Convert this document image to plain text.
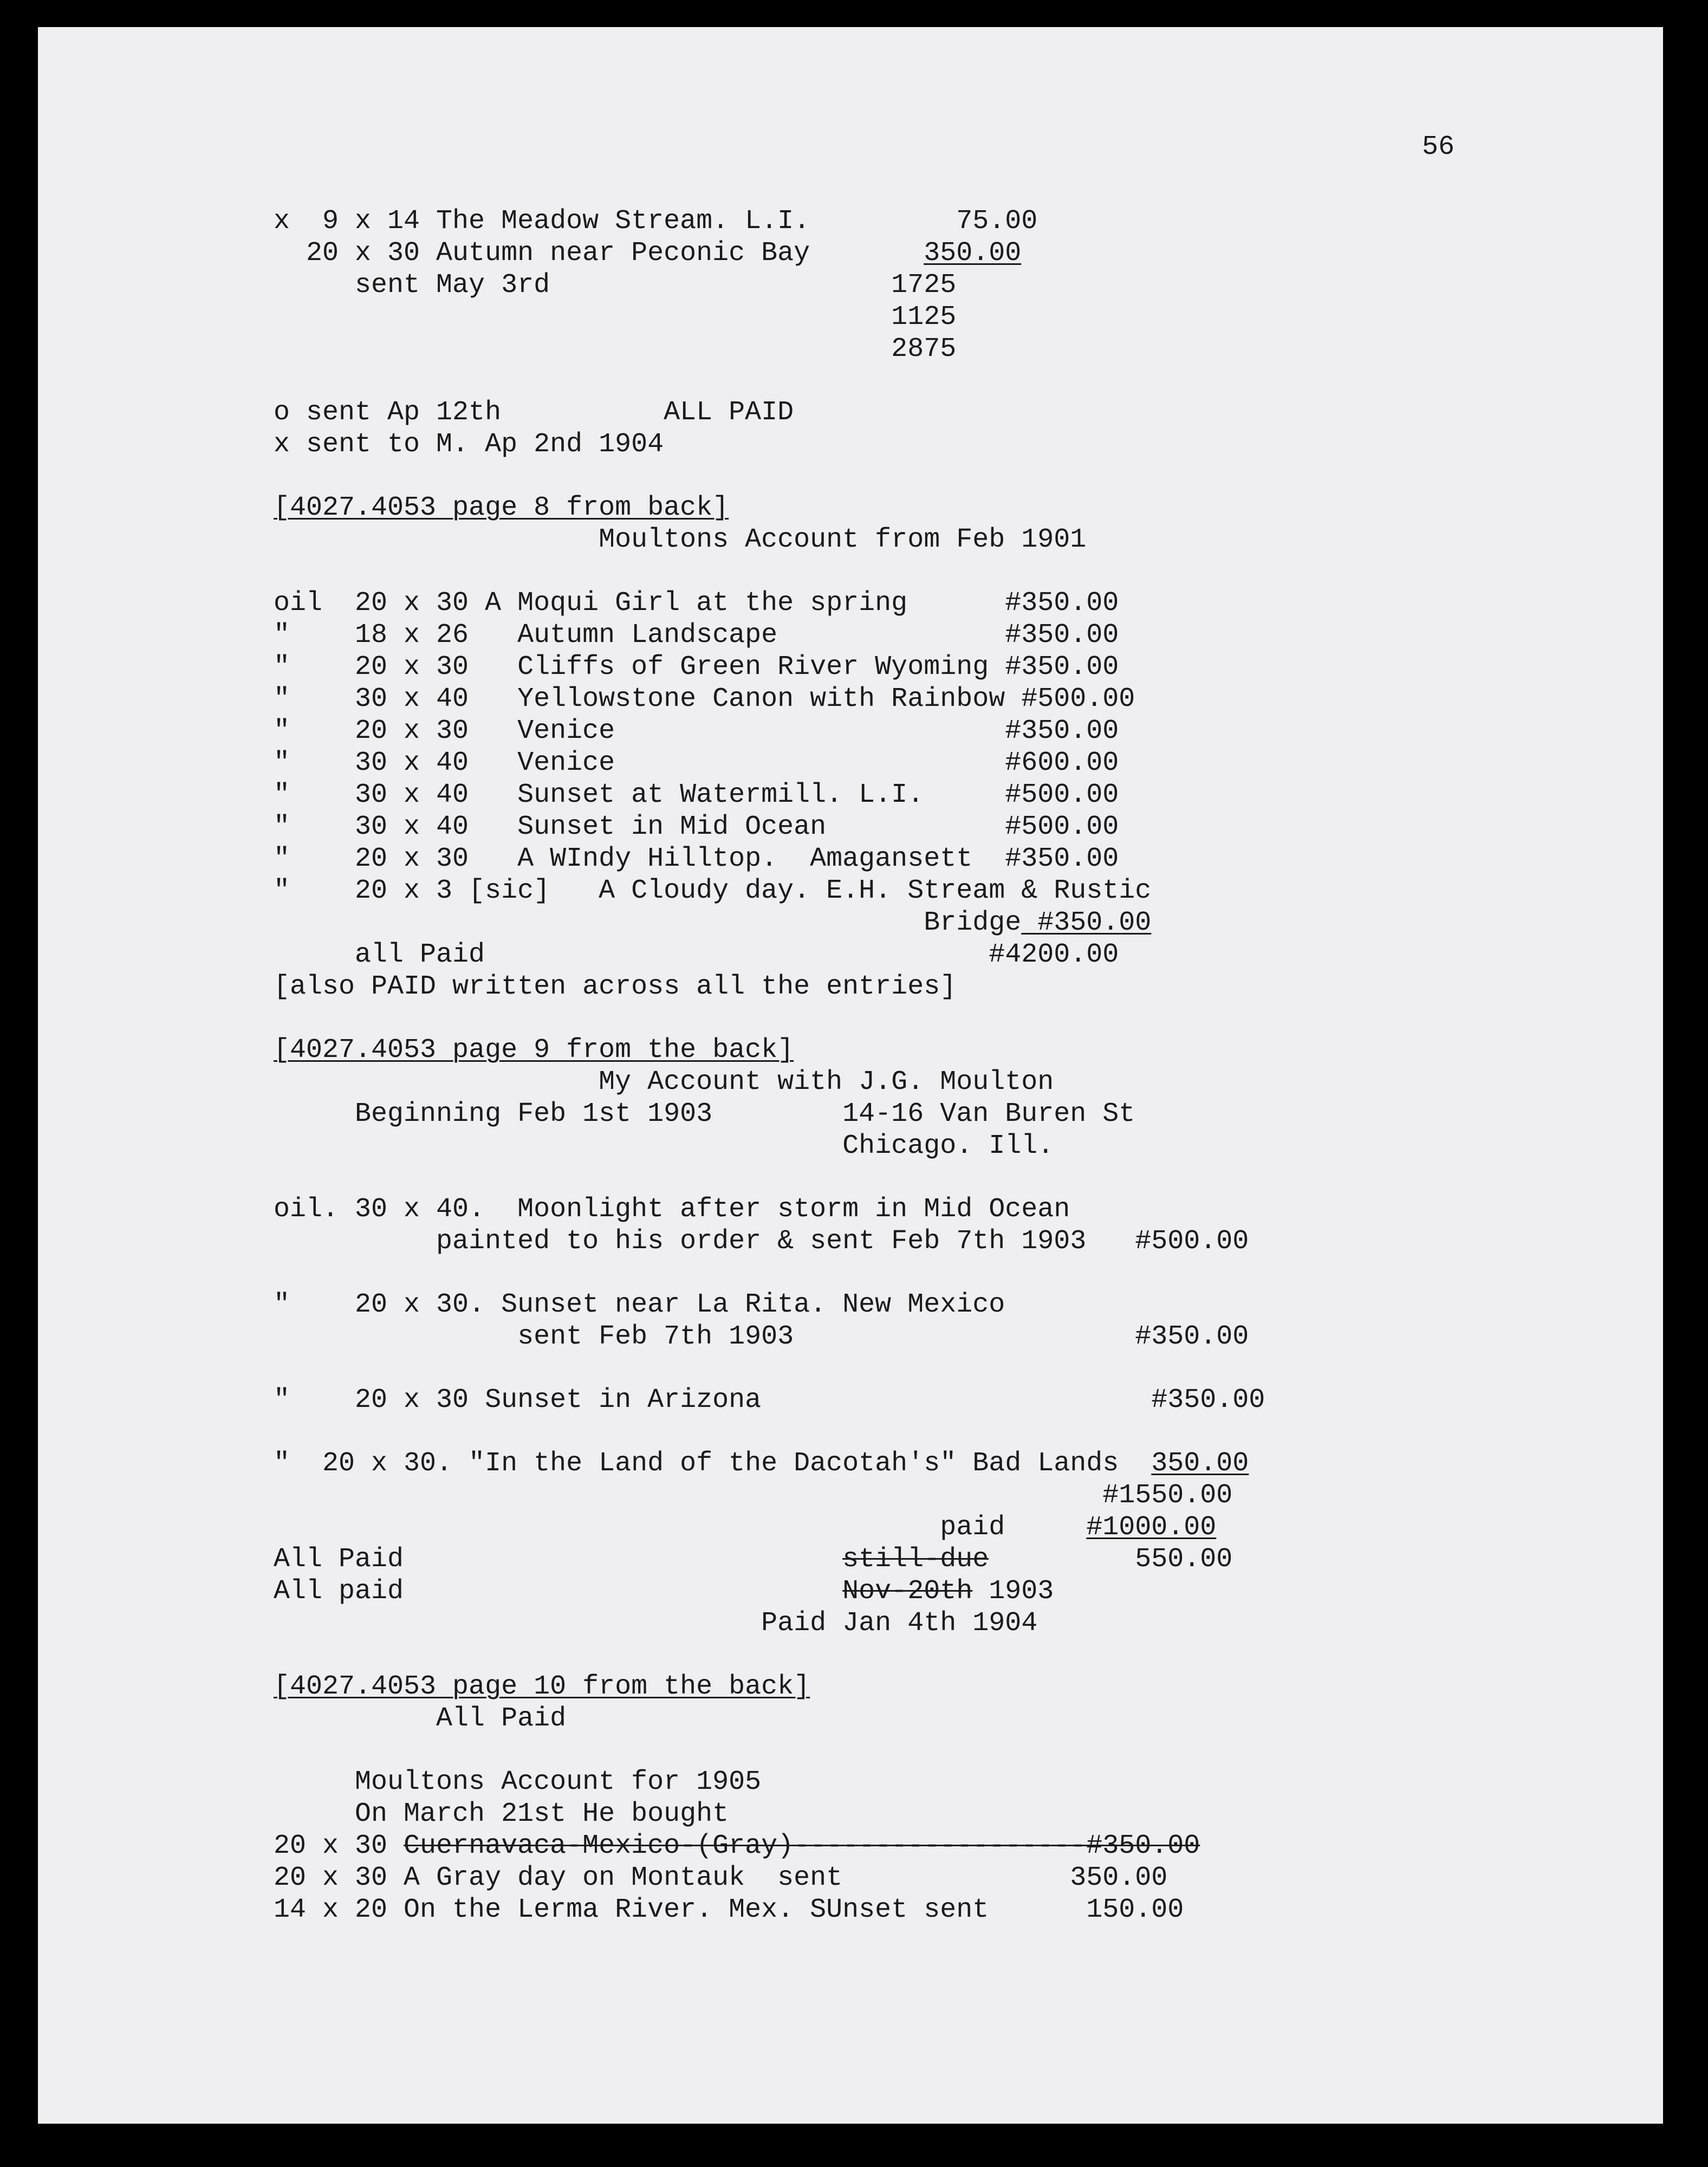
56
x  9 x 14 The Meadow Stream. L.I.         75.00
20 x 30 Autumn near Peconic Bay       350.00
sent May 3rd                     1725
1125
2875
o sent Ap 12th          ALL PAID
x sent to M. Ap 2nd 1904
[4027.4053 page 8 from back]
Moultons Account from Feb 1901
oil  20 x 30 A Moqui Girl at the spring      #350.00
"    18 x 26   Autumn Landscape              #350.00
"    20 x 30   Cliffs of Green River Wyoming #350.00
"    30 x 40   Yellowstone Canon with Rainbow #500.00
"    20 x 30   Venice                        #350.00
"    30 x 40   Venice                        #600.00
"    30 x 40   Sunset at Watermill. L.I.     #500.00
"    30 x 40   Sunset in Mid Ocean           #500.00
"    20 x 30   A WIndy Hilltop.  Amagansett  #350.00
"    20 x 3 [sic]   A Cloudy day. E.H. Stream & Rustic
Bridge #350.00
all Paid                               #4200.00
[also PAID written across all the entries]
[4027.4053 page 9 from the back]
My Account with J.G. Moulton
Beginning Feb 1st 1903        14-16 Van Buren St
Chicago. Ill.
oil. 30 x 40.  Moonlight after storm in Mid Ocean
painted to his order & sent Feb 7th 1903   #500.00
"    20 x 30. Sunset near La Rita. New Mexico
sent Feb 7th 1903                     #350.00
"    20 x 30 Sunset in Arizona                        #350.00
"  20 x 30. "In the Land of the Dacotah's" Bad Lands  350.00
#1550.00
paid     #1000.00
All Paid                           still-due         550.00
All paid                           Nov-20th 1903
Paid Jan 4th 1904
[4027.4053 page 10 from the back]
All Paid
Moultons Account for 1905
On March 21st He bought
20 x 30 Cuernavaca-Mexico-(Gray)------------------#350.00
20 x 30 A Gray day on Montauk  sent              350.00
14 x 20 On the Lerma River. Mex. SUnset sent      150.00
